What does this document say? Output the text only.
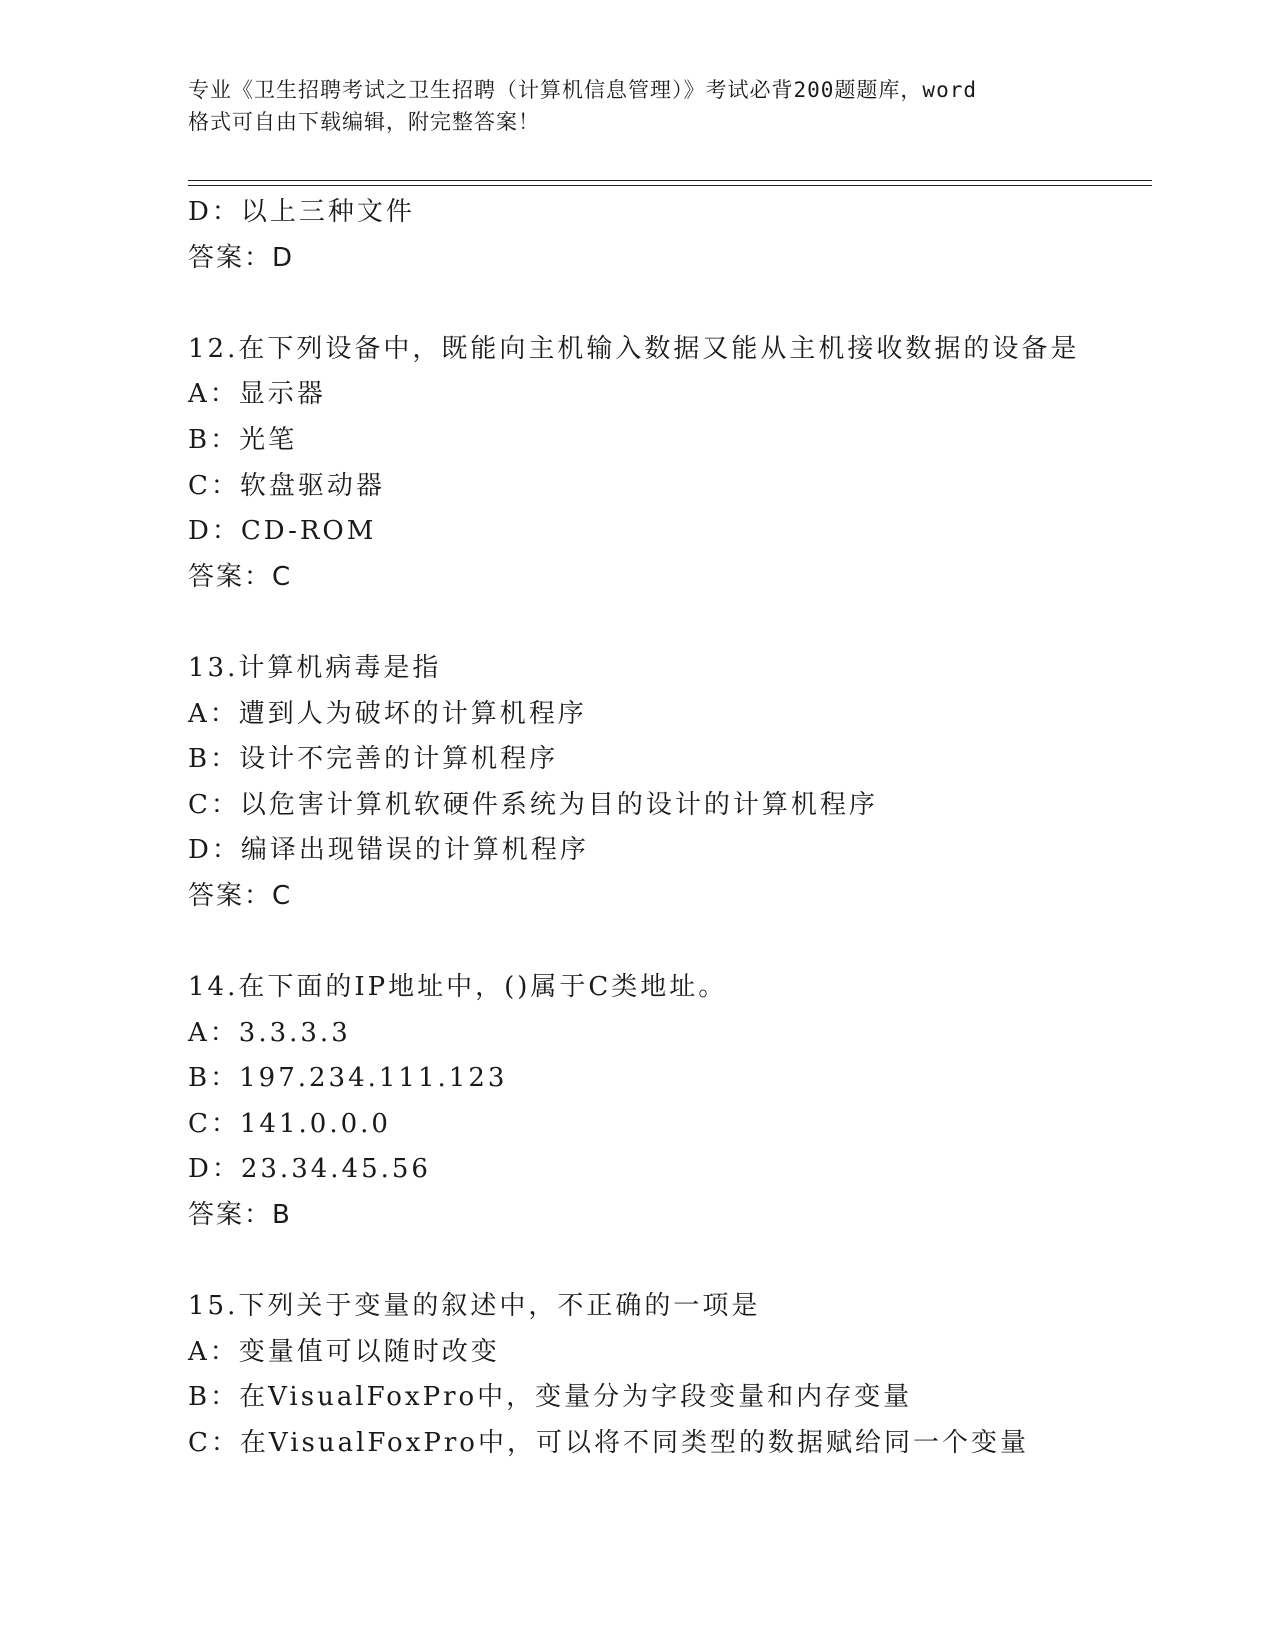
专业《卫生招聘考试之卫生招聘（计算机信息管理）》考试必背200题题库，word
格式可自由下载编辑，附完整答案！
D：以上三种文件
答案：D
12.在下列设备中，既能向主机输入数据又能从主机接收数据的设备是
A：显示器
B：光笔
C：软盘驱动器
D：CD-ROM
答案：C
13.计算机病毒是指
A：遭到人为破坏的计算机程序
B：设计不完善的计算机程序
C：以危害计算机软硬件系统为目的设计的计算机程序
D：编译出现错误的计算机程序
答案：C
14.在下面的IP地址中，()属于C类地址。
A：3.3.3.3
B：197.234.111.123
C：141.0.0.0
D：23.34.45.56
答案：B
15.下列关于变量的叙述中，不正确的一项是
A：变量值可以随时改变
B：在VisualFoxPro中，变量分为字段变量和内存变量
C：在VisualFoxPro中，可以将不同类型的数据赋给同一个变量
